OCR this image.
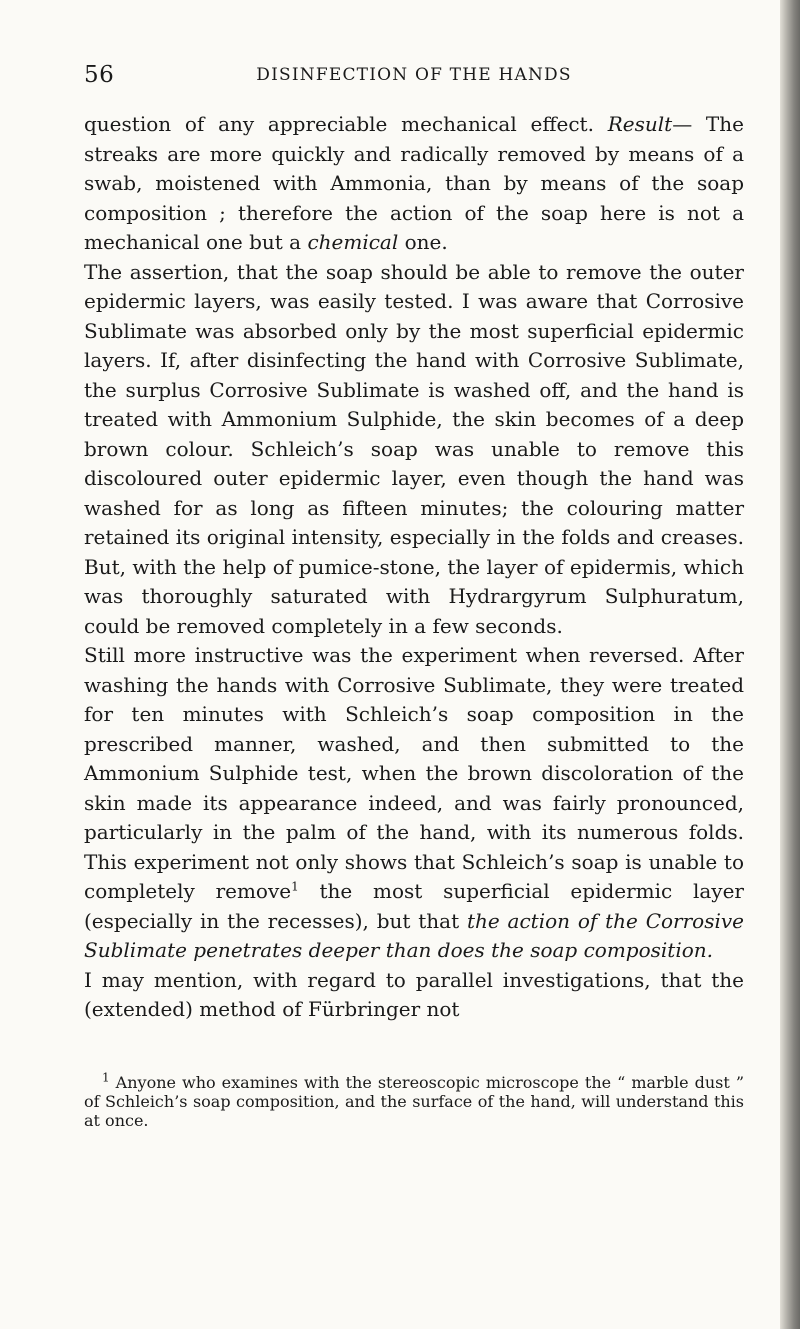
56	DISINFECTION OF THE HANDS

question of any appreciable mechanical effect. Result— The streaks are more quickly and radically removed by means of a swab, moistened with Ammonia, than by means of the soap composition ; therefore the action of the soap here is not a mechanical one but a chemical one.

The assertion, that the soap should be able to remove the outer epidermic layers, was easily tested. I was aware that Corrosive Sublimate was absorbed only by the most superficial epidermic layers. If, after disinfecting the hand with Corrosive Sublimate, the surplus Corrosive Sublimate is washed off, and the hand is treated with Ammonium Sulphide, the skin becomes of a deep brown colour. Schleich’s soap was unable to remove this discoloured outer epidermic layer, even though the hand was washed for as long as fifteen minutes; the colouring matter retained its original intensity, especially in the folds and creases. But, with the help of pumice-stone, the layer of epidermis, which was thoroughly saturated with Hydrargyrum Sulphuratum, could be removed completely in a few seconds.

Still more instructive was the experiment when reversed. After washing the hands with Corrosive Sublimate, they were treated for ten minutes with Schleich’s soap composition in the prescribed manner, washed, and then submitted to the Ammonium Sulphide test, when the brown discoloration of the skin made its appearance indeed, and was fairly pronounced, particularly in the palm of the hand, with its numerous folds. This experiment not only shows that Schleich’s soap is unable to completely remove$^1$ the most superficial epidermic layer (especially in the recesses), but that the action of the Corrosive Sublimate penetrates deeper than does the soap composition.

I may mention, with regard to parallel investigations, that the (extended) method of Fürbringer not

$^1$ Anyone who examines with the stereoscopic microscope the “ marble dust ” of Schleich’s soap composition, and the surface of the hand, will understand this at once.
